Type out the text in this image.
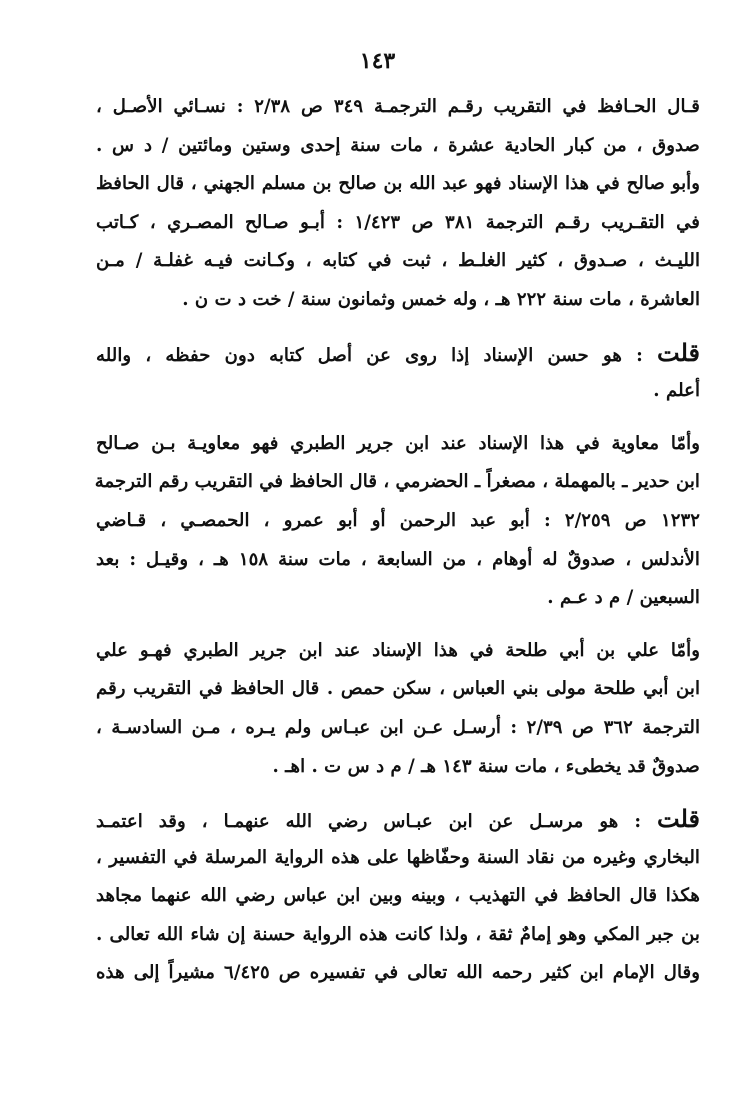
١٤٣
قـال الحـافظ في التقريب رقـم الترجمـة ٣٤٩ ص ٢/٣٨ : نسـائي الأصـل ،
صدوق ، من كبار الحادية عشرة ، مات سنة إحدى وستين ومائتين / د س .
وأبو صالح في هذا الإسناد فهو عبد الله بن صالح بن مسلم الجهني ، قال الحافظ
في التقـريب رقـم الترجمة ٣٨١ ص ١/٤٢٣ : أبـو صـالح المصـري ، كـاتب
الليـث ، صـدوق ، كثير الغلـط ، ثبت في كتابه ، وكـانت فيـه غفلـة / مـن
العاشرة ، مات سنة ٢٢٢ هـ ، وله خمس وثمانون سنة / خت د ت ن .
قلت : هو حسن الإسناد إذا روى عن أصل كتابه دون حفظه ، والله
أعلم .
وأمّا معاوية في هذا الإسناد عند ابن جرير الطبري فهو معاويـة بـن صـالح
ابن حدير ـ بالمهملة ، مصغراً ـ الحضرمي ، قال الحافظ في التقريب رقم الترجمة
١٢٣٢ ص ٢/٢٥٩ : أبو عبد الرحمن أو أبو عمرو ، الحمصـي ، قـاضي
الأندلس ، صدوقٌ له أوهام ، من السابعة ، مات سنة ١٥٨ هـ ، وقيـل : بعد
السبعين / م د عـم .
وأمّا علي بن أبي طلحة في هذا الإسناد عند ابن جرير الطبري فهـو علي
ابن أبي طلحة مولى بني العباس ، سكن حمص . قال الحافظ في التقريب رقم
الترجمة ٣٦٢ ص ٢/٣٩ : أرسـل عـن ابن عبـاس ولم يـره ، مـن السادسـة ،
صدوقٌ قد يخطىء ، مات سنة ١٤٣ هـ / م د س ت . اهـ .
قلت : هو مرسـل عن ابن عبـاس رضي الله عنهمـا ، وقد اعتمـد
البخاري وغيره من نقاد السنة وحفّاظها على هذه الرواية المرسلة في التفسير ،
هكذا قال الحافظ في التهذيب ، وبينه وبين ابن عباس رضي الله عنهما مجاهد
بن جبر المكي وهو إمامٌ ثقة ، ولذا كانت هذه الرواية حسنة إن شاء الله تعالى .
وقال الإمام ابن كثير رحمه الله تعالى في تفسيره ص ٦/٤٢٥ مشيراً إلى هذه
